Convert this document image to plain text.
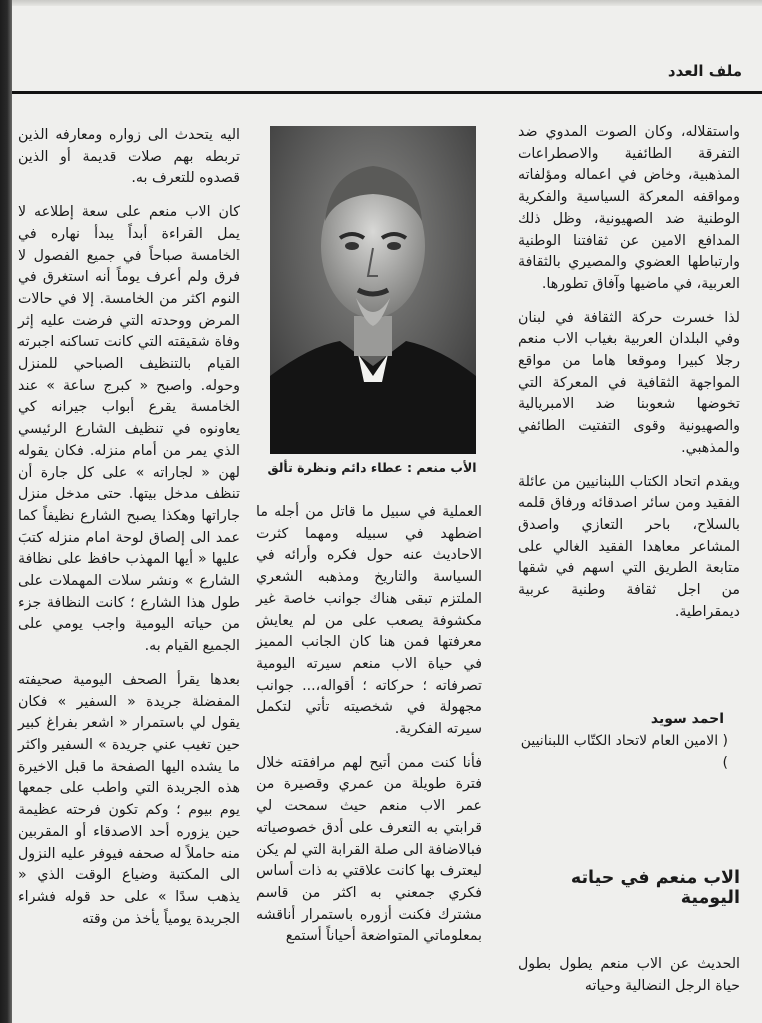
ملف العدد

واستقلاله، وكان الصوت المدوي ضد التفرقة الطائفية والاصطراعات المذهبية، وخاض في اعماله ومؤلفاته ومواقفه المعركة السياسية والفكرية الوطنية ضد الصهيونية، وظل ذلك المدافع الامين عن ثقافتنا الوطنية وارتباطها العضوي والمصيري بالثقافة العربية، في ماضيها وآفاق تطورها.

لذا خسرت حركة الثقافة في لبنان وفي البلدان العربية بغياب الاب منعم رجلا كبيرا وموقعا هاما من مواقع المواجهة الثقافية في المعركة التي تخوضها شعوبنا ضد الامبريالية والصهيونية وقوى التفتيت الطائفي والمذهبي.

ويقدم اتحاد الكتاب اللبنانيين من عائلة الفقيد ومن سائر اصدقائه ورفاق قلمه بالسلاح، باحر التعازي واصدق المشاعر معاهدا الفقيد الغالي على متابعة الطريق التي اسهم في شقها من اجل ثقافة وطنية عربية ديمقراطية.

احمد سويد
( الامين العام لاتحاد الكتّاب اللبنانيين )
الاب منعم في حياته اليومية

الحديث عن الاب منعم يطول بطول حياة الرجل النضالية وحياته

الأب منعم : عطاء دائم ونظرة تألق

العملية في سبيل ما قاتل من أجله ما اضطهد في سبيله ومهما كثرت الاحاديث عنه حول فكره وأرائه في السياسة والتاريخ ومذهبه الشعري الملتزم تبقى هناك جوانب خاصة غير مكشوفة يصعب على من لم يعايش معرفتها فمن هنا كان الجانب المميز في حياة الاب منعم سيرته اليومية تصرفاته ؛ حركاته ؛ أقواله،... جوانب مجهولة في شخصيته تأتي لتكمل سيرته الفكرية.

فأنا كنت ممن أتيح لهم مرافقته خلال فترة طويلة من عمري وقصيرة من عمر الاب منعم حيث سمحت لي قرابتي به التعرف على أدق خصوصياته فبالاضافة الى صلة القرابة التي لم يكن ليعترف بها كانت علاقتي به ذات أساس فكري جمعني به اكثر من قاسم مشترك فكنت أزوره باستمرار أناقشه بمعلوماتي المتواضعة أحياناً أستمع

اليه يتحدث الى زواره ومعارفه الذين تربطه بهم صلات قديمة أو الذين قصدوه للتعرف به.

كان الاب منعم على سعة إطلاعه لا يمل القراءة أبداً يبدأ نهاره في الخامسة صباحاً في جميع الفصول لا فرق ولم أعرف يوماً أنه استغرق في النوم اكثر من الخامسة. إلا في حالات المرض ووحدته التي فرضت عليه إثر وفاة شقيقته التي كانت تساكنه اجبرته القيام بالتنظيف الصباحي للمنزل وحوله. واصبح « كبرج ساعة » عند الخامسة يقرع أبواب جيرانه كي يعاونوه في تنظيف الشارع الرئيسي الذي يمر من أمام منزله. فكان يقوله لهن « لجاراته » على كل جارة أن تنظف مدخل بيتها. حتى مدخل منزل جاراتها وهكذا يصبح الشارع نظيفاً كما عمد الى إلصاق لوحة امام منزله كتبَ عليها « أيها المهذب حافظ على نظافة الشارع » ونشر سلات المهملات على طول هذا الشارع ؛ كانت النظافة جزء من حياته اليومية واجب يومي على الجميع القيام به.

بعدها يقرأ الصحف اليومية صحيفته المفضلة جريدة « السفير » فكان يقول لي باستمرار « اشعر بفراغ كبير حين تغيب عني جريدة » السفير واكثر ما يشده اليها الصفحة ما قبل الاخيرة هذه الجريدة التي واطب على جمعها يوم بيوم ؛ وكم تكون فرحته عظيمة حين يزوره أحد الاصدقاء أو المقربين منه حاملاً له صحفه فيوفر عليه النزول الى المكتبة وضياع الوقت الذي « يذهب سدًا » على حد قوله فشراء الجريدة يومياً يأخذ من وقته
